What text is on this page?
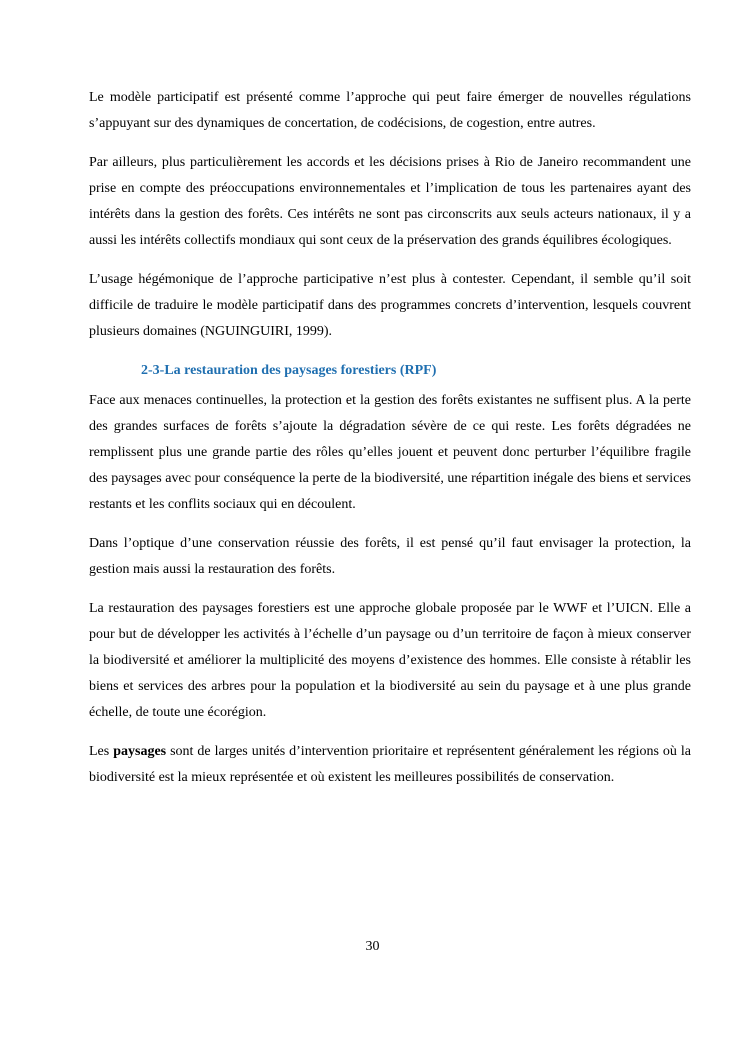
Le modèle participatif est présenté comme l’approche qui peut faire émerger de nouvelles régulations s’appuyant sur des dynamiques de concertation, de codécisions, de cogestion, entre autres.

Par ailleurs, plus particulièrement les accords et les décisions prises à Rio de Janeiro recommandent une prise en compte des préoccupations environnementales et l’implication de tous les partenaires ayant des intérêts dans la gestion des forêts. Ces intérêts ne sont pas circonscrits aux seuls acteurs nationaux, il y a aussi les intérêts collectifs mondiaux qui sont ceux de la préservation des grands équilibres écologiques.

L’usage hégémonique de l’approche participative n’est plus à contester. Cependant, il semble qu’il soit difficile de traduire le modèle participatif dans des programmes concrets d’intervention, lesquels couvrent plusieurs domaines (NGUINGUIRI, 1999).

2-3-La restauration des paysages forestiers (RPF)

Face aux menaces continuelles, la protection et la gestion des forêts existantes ne suffisent plus. A la perte des grandes surfaces de forêts s’ajoute la dégradation sévère de ce qui reste. Les forêts dégradées ne remplissent plus une grande partie des rôles qu’elles jouent et peuvent donc perturber l’équilibre fragile des paysages avec pour conséquence la perte de la biodiversité, une répartition inégale des biens et services restants et les conflits sociaux qui en découlent.

Dans l’optique d’une conservation réussie des forêts, il est pensé qu’il faut envisager la protection, la gestion mais aussi la restauration des forêts.

La restauration des paysages forestiers est une approche globale proposée par le WWF et l’UICN. Elle a pour but de développer les activités à l’échelle d’un paysage ou d’un territoire de façon à mieux conserver la biodiversité et améliorer la multiplicité des moyens d’existence des hommes. Elle consiste à rétablir les biens et services des arbres pour la population et la biodiversité au sein du paysage et à une plus grande échelle, de toute une écorégion.

Les paysages sont de larges unités d’intervention prioritaire et représentent généralement les régions où la biodiversité est la mieux représentée et où existent les meilleures possibilités de conservation.

30
